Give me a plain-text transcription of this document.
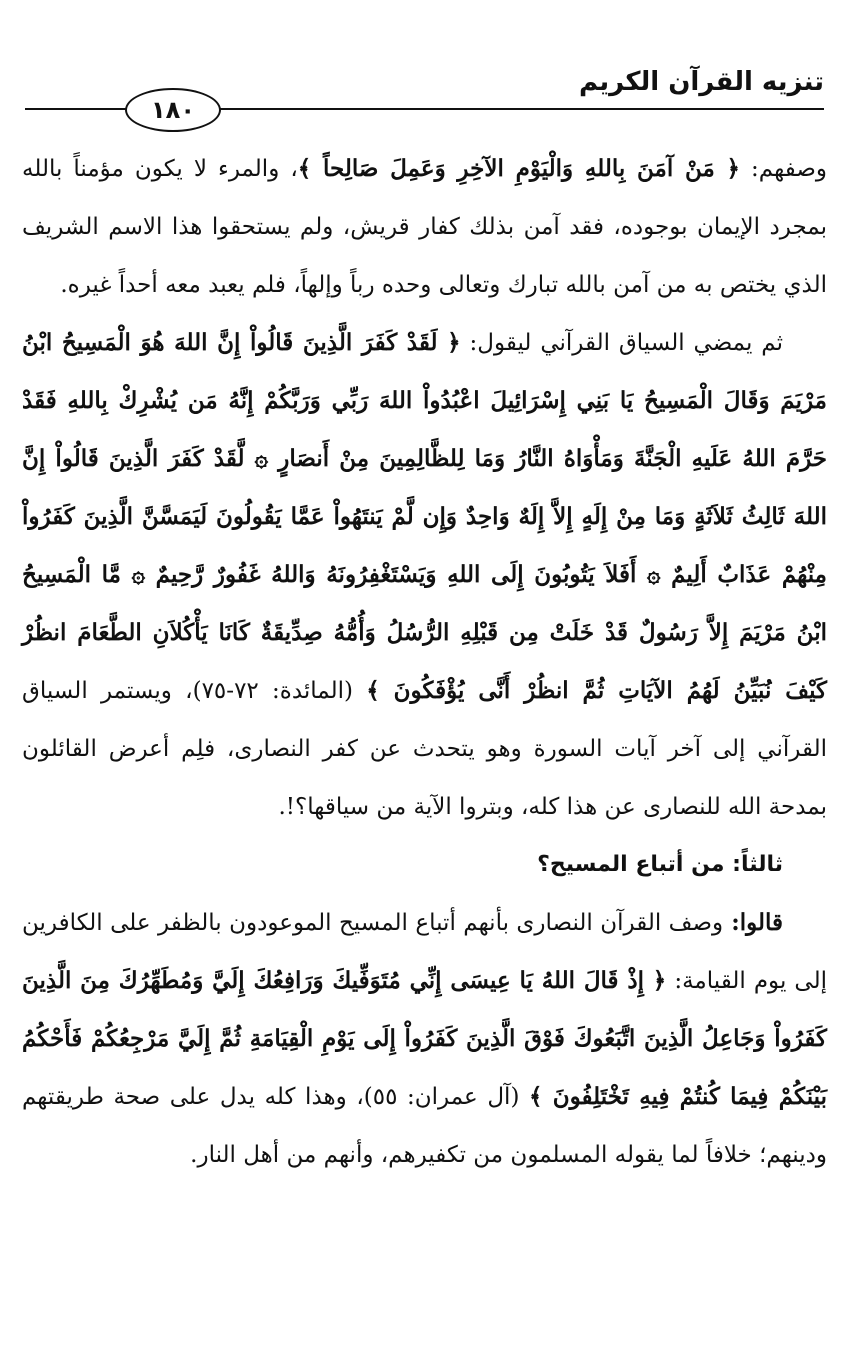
تنزيه القرآن الكريم
١٨٠

وصفهم: ﴿ مَنْ آمَنَ بِاللهِ وَالْيَوْمِ الآخِرِ وَعَمِلَ صَالِحاً ﴾، والمرء لا يكون مؤمناً بالله بمجرد الإيمان بوجوده، فقد آمن بذلك كفار قريش، ولم يستحقوا هذا الاسم الشريف الذي يختص به من آمن بالله تبارك وتعالى وحده رباً وإلهاً، فلم يعبد معه أحداً غيره.

ثم يمضي السياق القرآني ليقول: ﴿ لَقَدْ كَفَرَ الَّذِينَ قَالُواْ إِنَّ اللهَ هُوَ الْمَسِيحُ ابْنُ مَرْيَمَ وَقَالَ الْمَسِيحُ يَا بَنِي إِسْرَائِيلَ اعْبُدُواْ اللهَ رَبِّي وَرَبَّكُمْ إِنَّهُ مَن يُشْرِكْ بِاللهِ فَقَدْ حَرَّمَ اللهُ عَلَيهِ الْجَنَّةَ وَمَأْوَاهُ النَّارُ وَمَا لِلظَّالِمِينَ مِنْ أَنصَارٍ ۞ لَّقَدْ كَفَرَ الَّذِينَ قَالُواْ إِنَّ اللهَ ثَالِثُ ثَلاَثَةٍ وَمَا مِنْ إِلَهٍ إِلاَّ إِلَهٌ وَاحِدٌ وَإِن لَّمْ يَنتَهُواْ عَمَّا يَقُولُونَ لَيَمَسَّنَّ الَّذِينَ كَفَرُواْ مِنْهُمْ عَذَابٌ أَلِيمٌ ۞ أَفَلاَ يَتُوبُونَ إِلَى اللهِ وَيَسْتَغْفِرُونَهُ وَاللهُ غَفُورٌ رَّحِيمٌ ۞ مَّا الْمَسِيحُ ابْنُ مَرْيَمَ إِلاَّ رَسُولٌ قَدْ خَلَتْ مِن قَبْلِهِ الرُّسُلُ وَأُمُّهُ صِدِّيقَةٌ كَانَا يَأْكُلاَنِ الطَّعَامَ انظُرْ كَيْفَ نُبَيِّنُ لَهُمُ الآيَاتِ ثُمَّ انظُرْ أَنَّى يُؤْفَكُونَ ﴾ (المائدة: ٧٢-٧٥)، ويستمر السياق القرآني إلى آخر آيات السورة وهو يتحدث عن كفر النصارى، فلِم أعرض القائلون بمدحة الله للنصارى عن هذا كله، وبتروا الآية من سياقها؟!.

ثالثاً: من أتباع المسيح؟

قالوا: وصف القرآن النصارى بأنهم أتباع المسيح الموعودون بالظفر على الكافرين إلى يوم القيامة: ﴿ إِذْ قَالَ اللهُ يَا عِيسَى إِنِّي مُتَوَفِّيكَ وَرَافِعُكَ إِلَيَّ وَمُطَهِّرُكَ مِنَ الَّذِينَ كَفَرُواْ وَجَاعِلُ الَّذِينَ اتَّبَعُوكَ فَوْقَ الَّذِينَ كَفَرُواْ إِلَى يَوْمِ الْقِيَامَةِ ثُمَّ إِلَيَّ مَرْجِعُكُمْ فَأَحْكُمُ بَيْنَكُمْ فِيمَا كُنتُمْ فِيهِ تَخْتَلِفُونَ ﴾ (آل عمران: ٥٥)، وهذا كله يدل على صحة طريقتهم ودينهم؛ خلافاً لما يقوله المسلمون من تكفيرهم، وأنهم من أهل النار.
